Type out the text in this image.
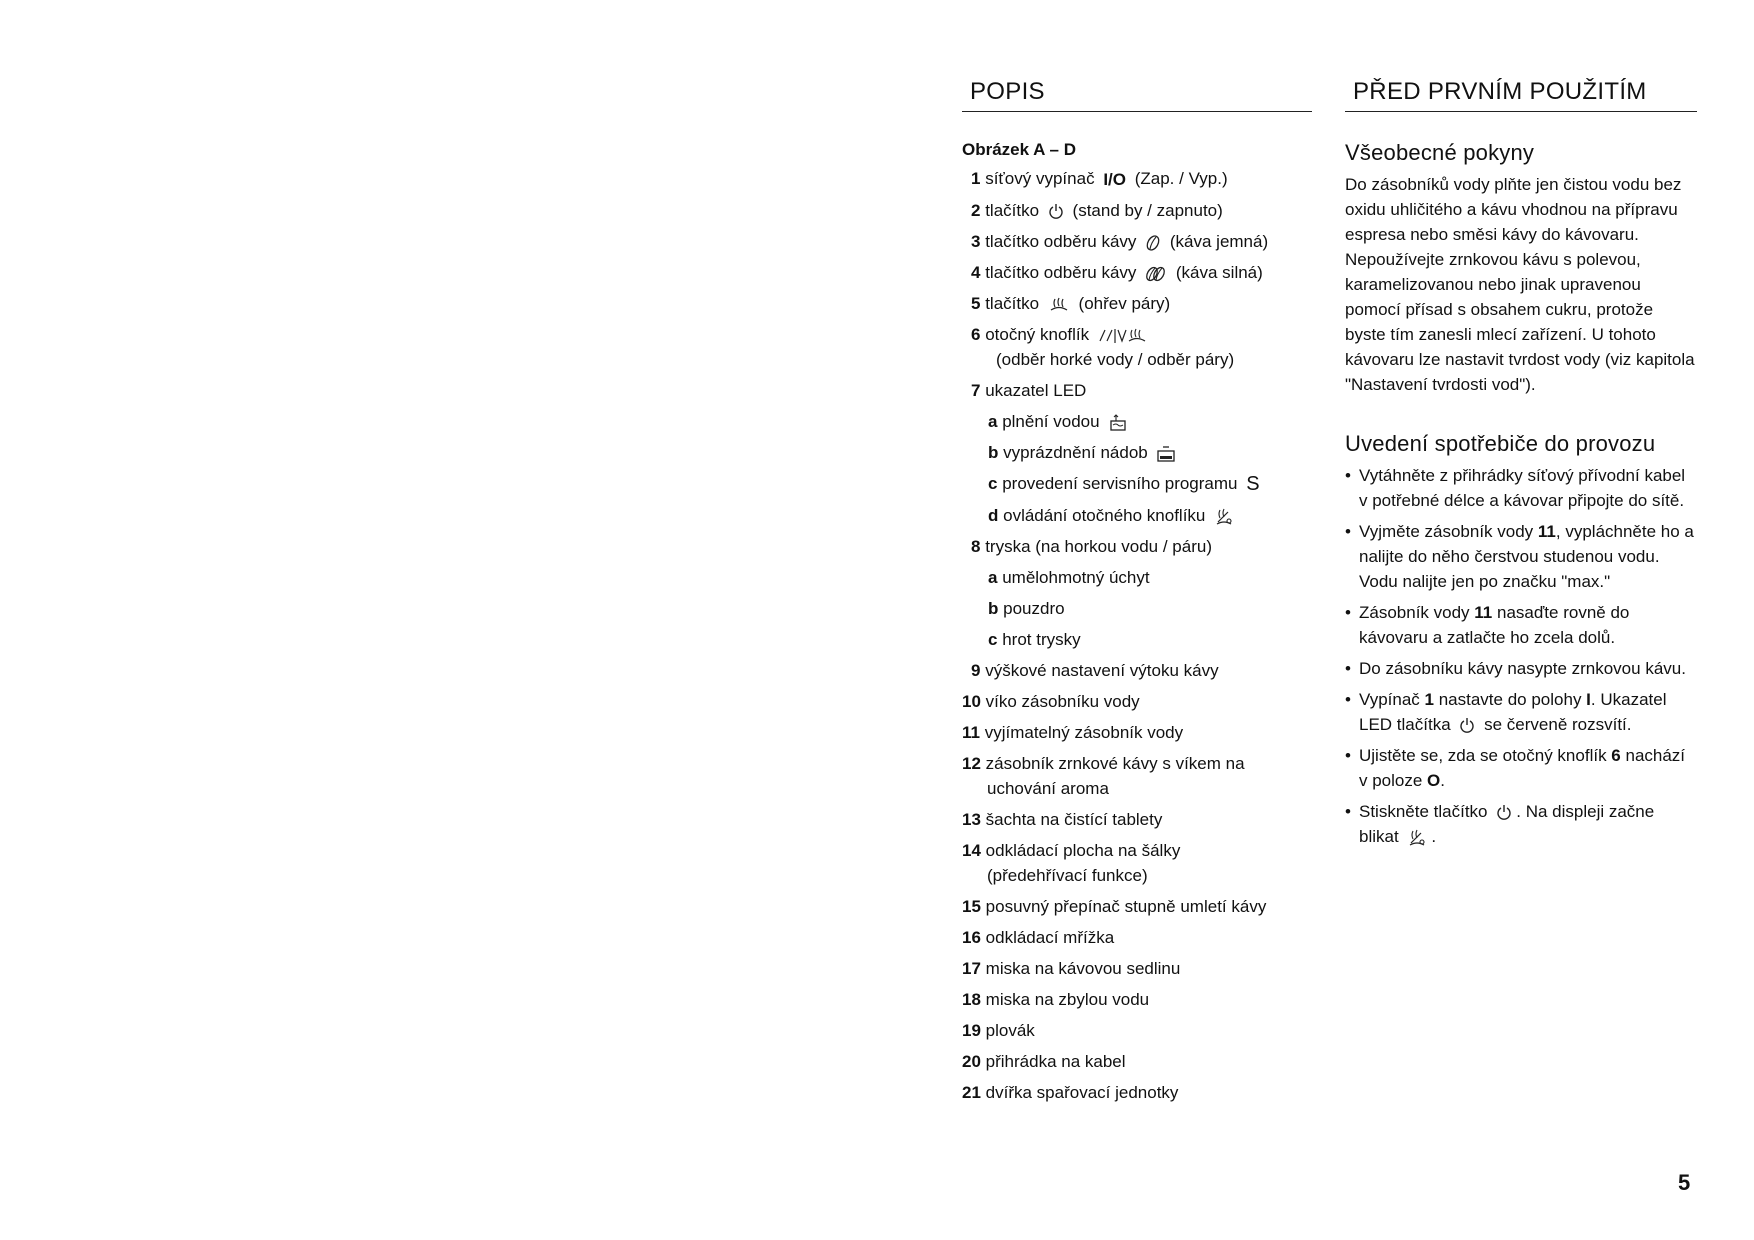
POPIS
Obrázek A – D
1 síťový vypínač I/O (Zap. / Vyp.)
2 tlačítko (stand by / zapnuto)
3 tlačítko odběru kávy (káva jemná)
4 tlačítko odběru kávy (káva silná)
5 tlačítko (ohřev páry)
6 otočný knoflík
(odběr horké vody / odběr páry)
7 ukazatel LED
a plnění vodou
b vyprázdnění nádob
c provedení servisního programu S
d ovládání otočného knoflíku
8 tryska (na horkou vodu / páru)
a umělohmotný úchyt
b pouzdro
c hrot trysky
9 výškové nastavení výtoku kávy
10 víko zásobníku vody
11 vyjímatelný zásobník vody
12 zásobník zrnkové kávy s víkem na
uchování aroma
13 šachta na čistící tablety
14 odkládací plocha na šálky
(předehřívací funkce)
15 posuvný přepínač stupně umletí kávy
16 odkládací mřížka
17 miska na kávovou sedlinu
18 miska na zbylou vodu
19 plovák
20 přihrádka na kabel
21 dvířka spařovací jednotky
PŘED PRVNÍM POUŽITÍM
Všeobecné pokyny

Do zásobníků vody plňte jen čistou vodu bez oxidu uhličitého a kávu vhodnou na přípravu espresa nebo směsi kávy do kávovaru. Nepoužívejte zrnkovou kávu s polevou, karamelizovanou nebo jinak upravenou pomocí přísad s obsahem cukru, protože byste tím zanesli mlecí zařízení. U tohoto kávovaru lze nastavit tvrdost vody (viz kapitola "Nastavení tvrdosti vod").

Uvedení spotřebiče do provozu
• Vytáhněte z přihrádky síťový přívodní kabel v potřebné délce a kávovar připojte do sítě.
• Vyjměte zásobník vody 11, vypláchněte ho a nalijte do něho čerstvou studenou vodu. Vodu nalijte jen po značku "max."
• Zásobník vody 11 nasaďte rovně do kávovaru a zatlačte ho zcela dolů.
• Do zásobníku kávy nasypte zrnkovou kávu.
• Vypínač 1 nastavte do polohy I. Ukazatel LED tlačítka  se červeně rozsvítí.
• Ujistěte se, zda se otočný knoflík 6 nachází v poloze O.
• Stiskněte tlačítko . Na displeji začne blikat .
5
